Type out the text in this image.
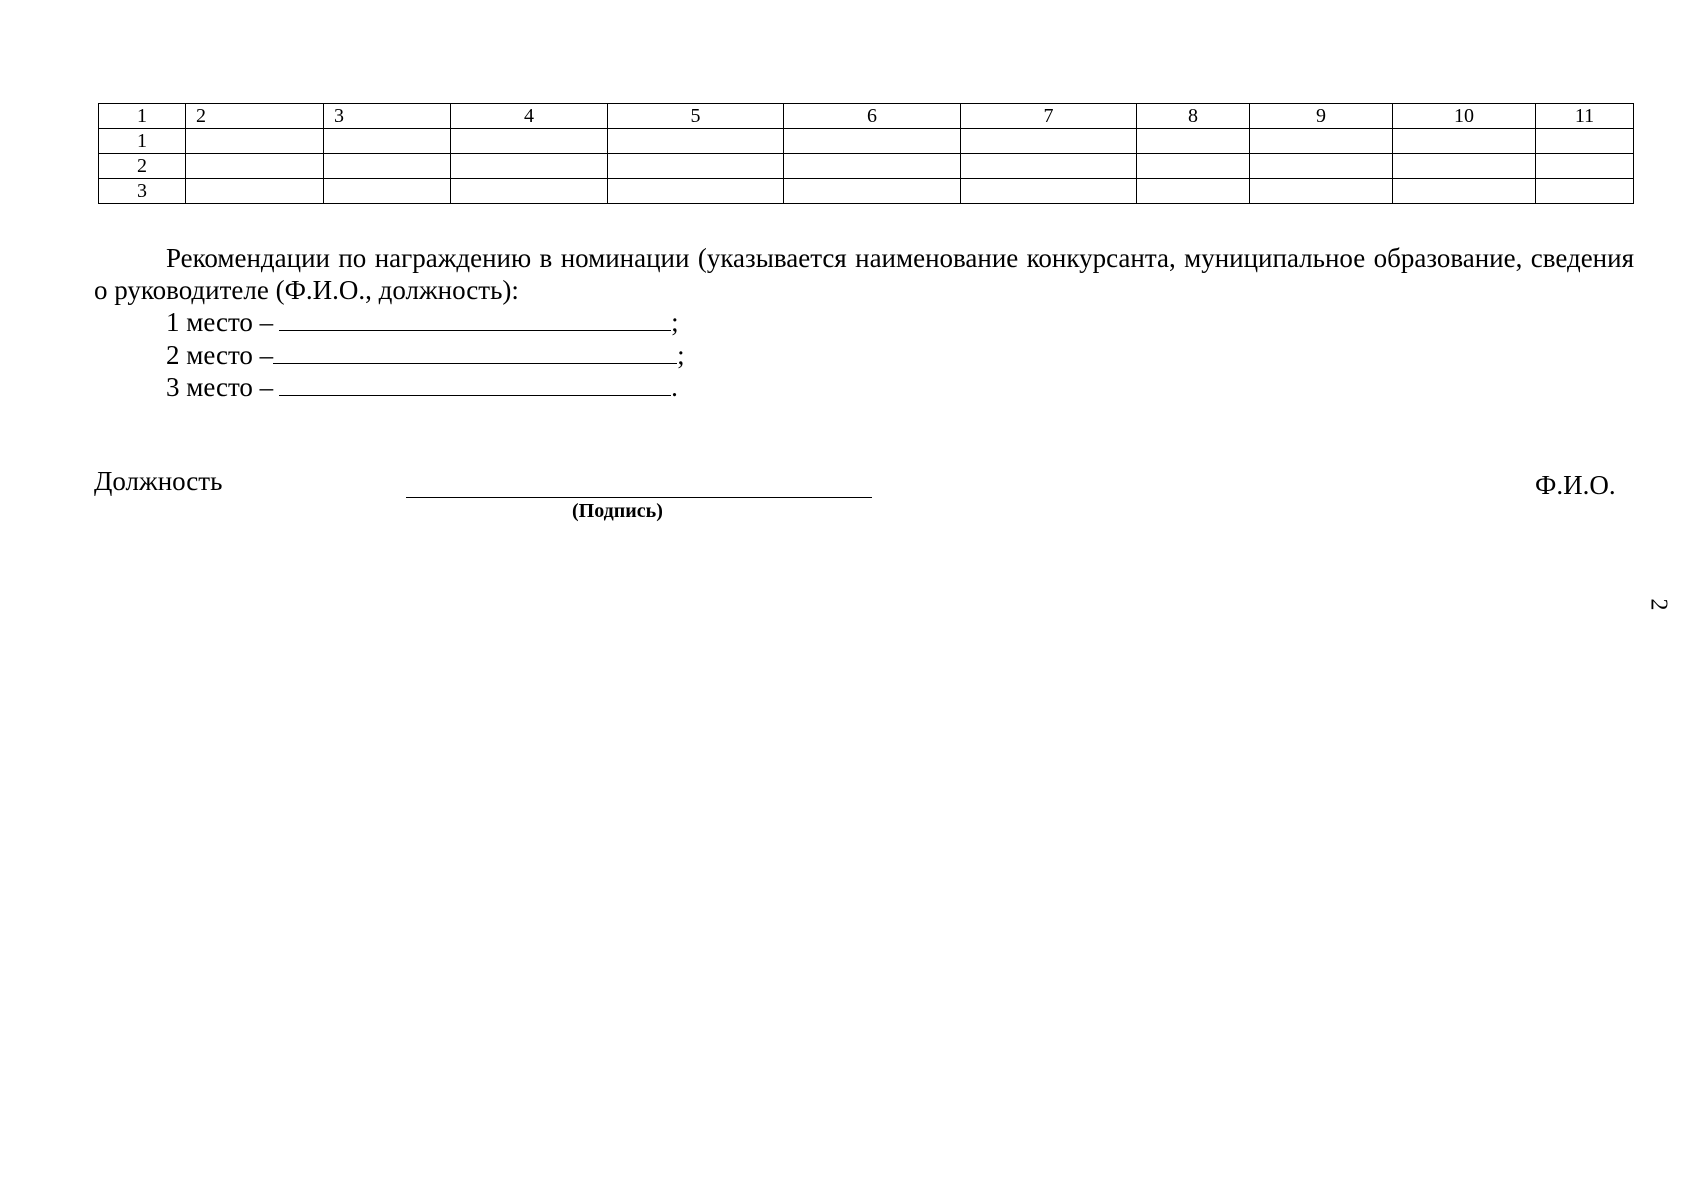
1	2	3	4	5	6	7	8	9	10	11
1										
2										
3										

Рекомендации по награждению в номинации (указывается наименование конкурсанта, муниципальное образование, сведения о руководителе (Ф.И.О., должность):

1 место –	;
2 место –	;
3 место –	.
Должность
(Подпись)
Ф.И.О.
2
